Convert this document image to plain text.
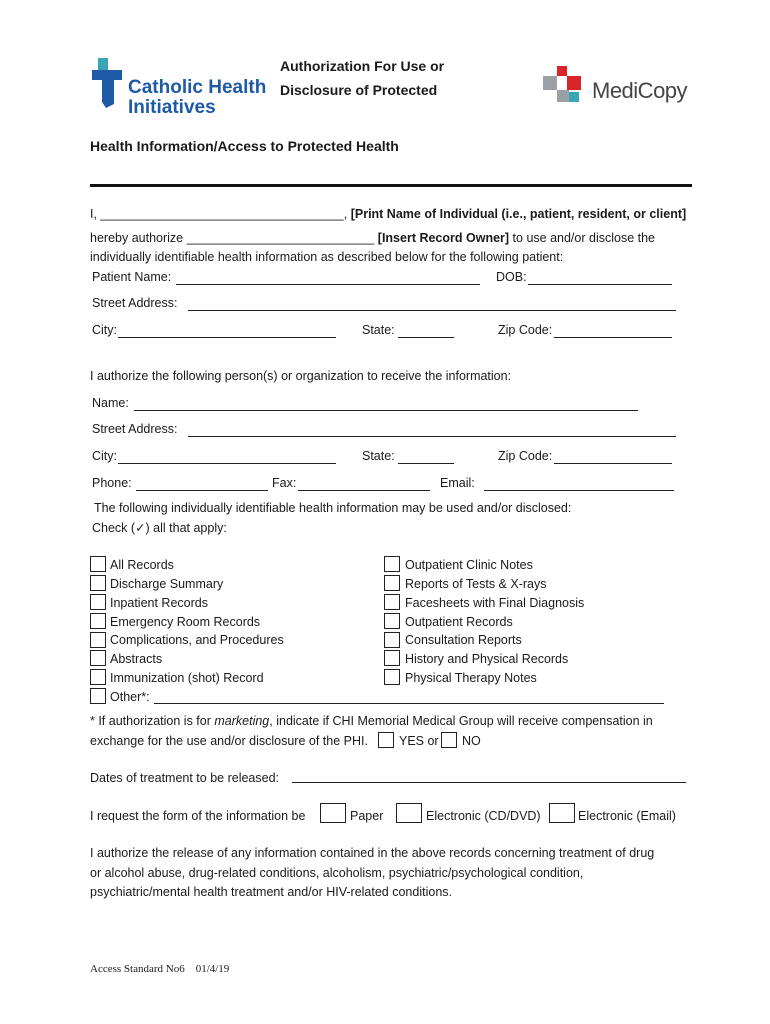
Catholic Health
Initiatives
Authorization For Use or
Disclosure of Protected
Health Information/Access to Protected Health
MediCopy
I, ___________________________________, [Print Name of Individual (i.e., patient, resident, or client]
hereby authorize ___________________________ [Insert Record Owner] to use and/or disclose the
individually identifiable health information as described below for the following patient:
Patient Name:	DOB:
Street Address:
City:	State:	Zip Code:
I authorize the following person(s) or organization to receive the information:
Name:
Street Address:
City:	State:	Zip Code:
Phone:	Fax:	Email:
The following individually identifiable health information may be used and/or disclosed:
Check (✓) all that apply:
All Records
Discharge Summary
Inpatient Records
Emergency Room Records
Complications, and Procedures
Abstracts
Immunization (shot) Record
Other*:
Outpatient Clinic Notes
Reports of Tests & X-rays
Facesheets with Final Diagnosis
Outpatient Records
Consultation Reports
History and Physical Records
Physical Therapy Notes
* If authorization is for marketing, indicate if CHI Memorial Medical Group will receive compensation in
exchange for the use and/or disclosure of the PHI. YES or NO
Dates of treatment to be released:
I request the form of the information be	Paper	Electronic (CD/DVD)	Electronic (Email)
I authorize the release of any information contained in the above records concerning treatment of drug
or alcohol abuse, drug-related conditions, alcoholism, psychiatric/psychological condition,
psychiatric/mental health treatment and/or HIV-related conditions.
Access Standard No6    01/4/19
